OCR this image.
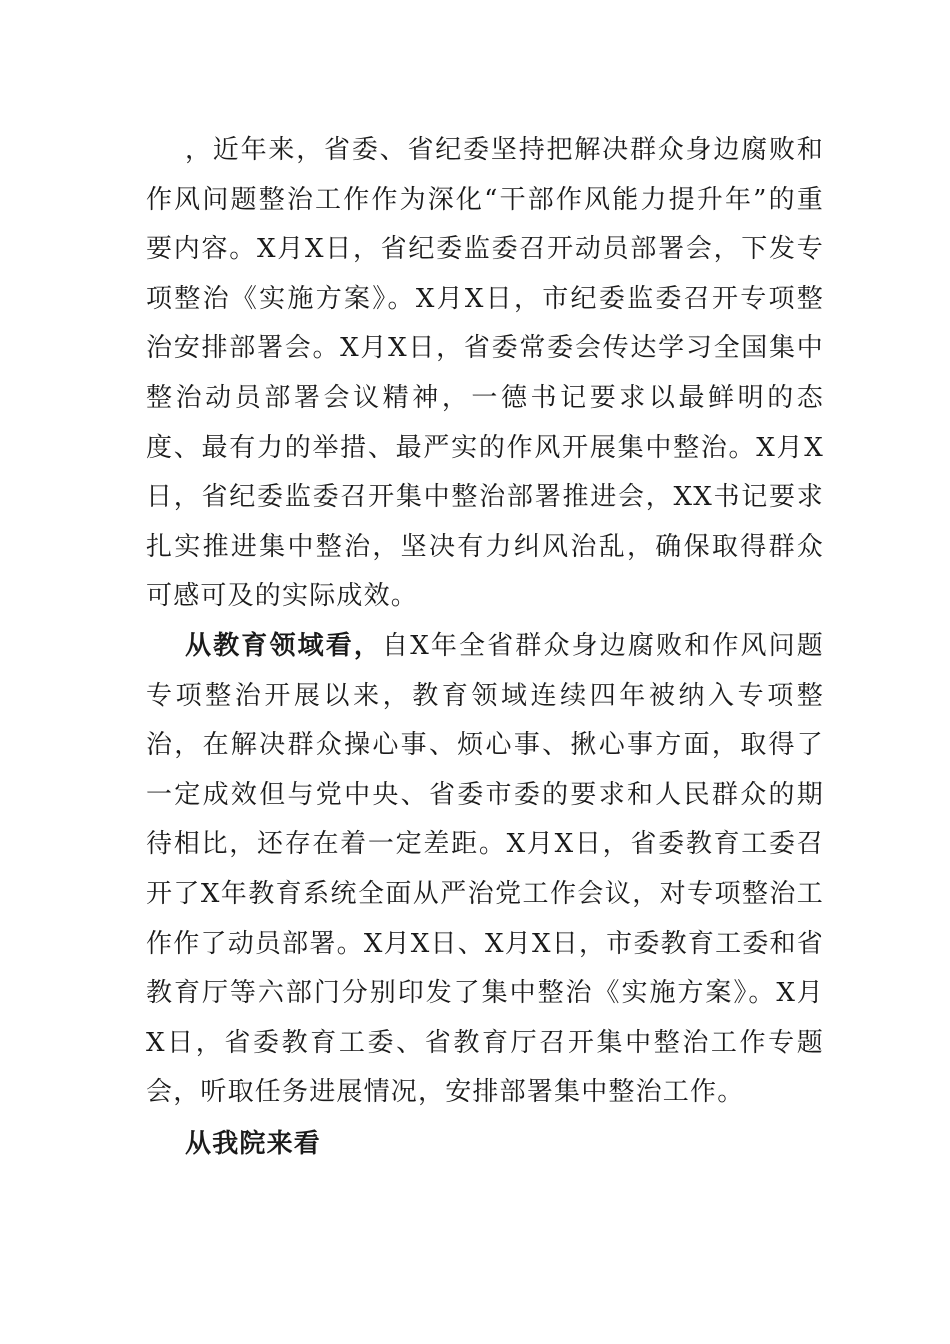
，近年来，省委、省纪委坚持把解决群众身边腐败和作风问题整治工作作为深化“干部作风能力提升年”的重要内容。X月X日，省纪委监委召开动员部署会，下发专项整治《实施方案》。X月X日，市纪委监委召开专项整治安排部署会。X月X日，省委常委会传达学习全国集中整治动员部署会议精神，一德书记要求以最鲜明的态度、最有力的举措、最严实的作风开展集中整治。X月X日，省纪委监委召开集中整治部署推进会，XX书记要求扎实推进集中整治，坚决有力纠风治乱，确保取得群众可感可及的实际成效。

从教育领域看，自X年全省群众身边腐败和作风问题专项整治开展以来，教育领域连续四年被纳入专项整治，在解决群众操心事、烦心事、揪心事方面，取得了一定成效但与党中央、省委市委的要求和人民群众的期待相比，还存在着一定差距。X月X日，省委教育工委召开了X年教育系统全面从严治党工作会议，对专项整治工作作了动员部署。X月X日、X月X日，市委教育工委和省教育厅等六部门分别印发了集中整治《实施方案》。X月X日，省委教育工委、省教育厅召开集中整治工作专题会，听取任务进展情况，安排部署集中整治工作。

从我院来看
